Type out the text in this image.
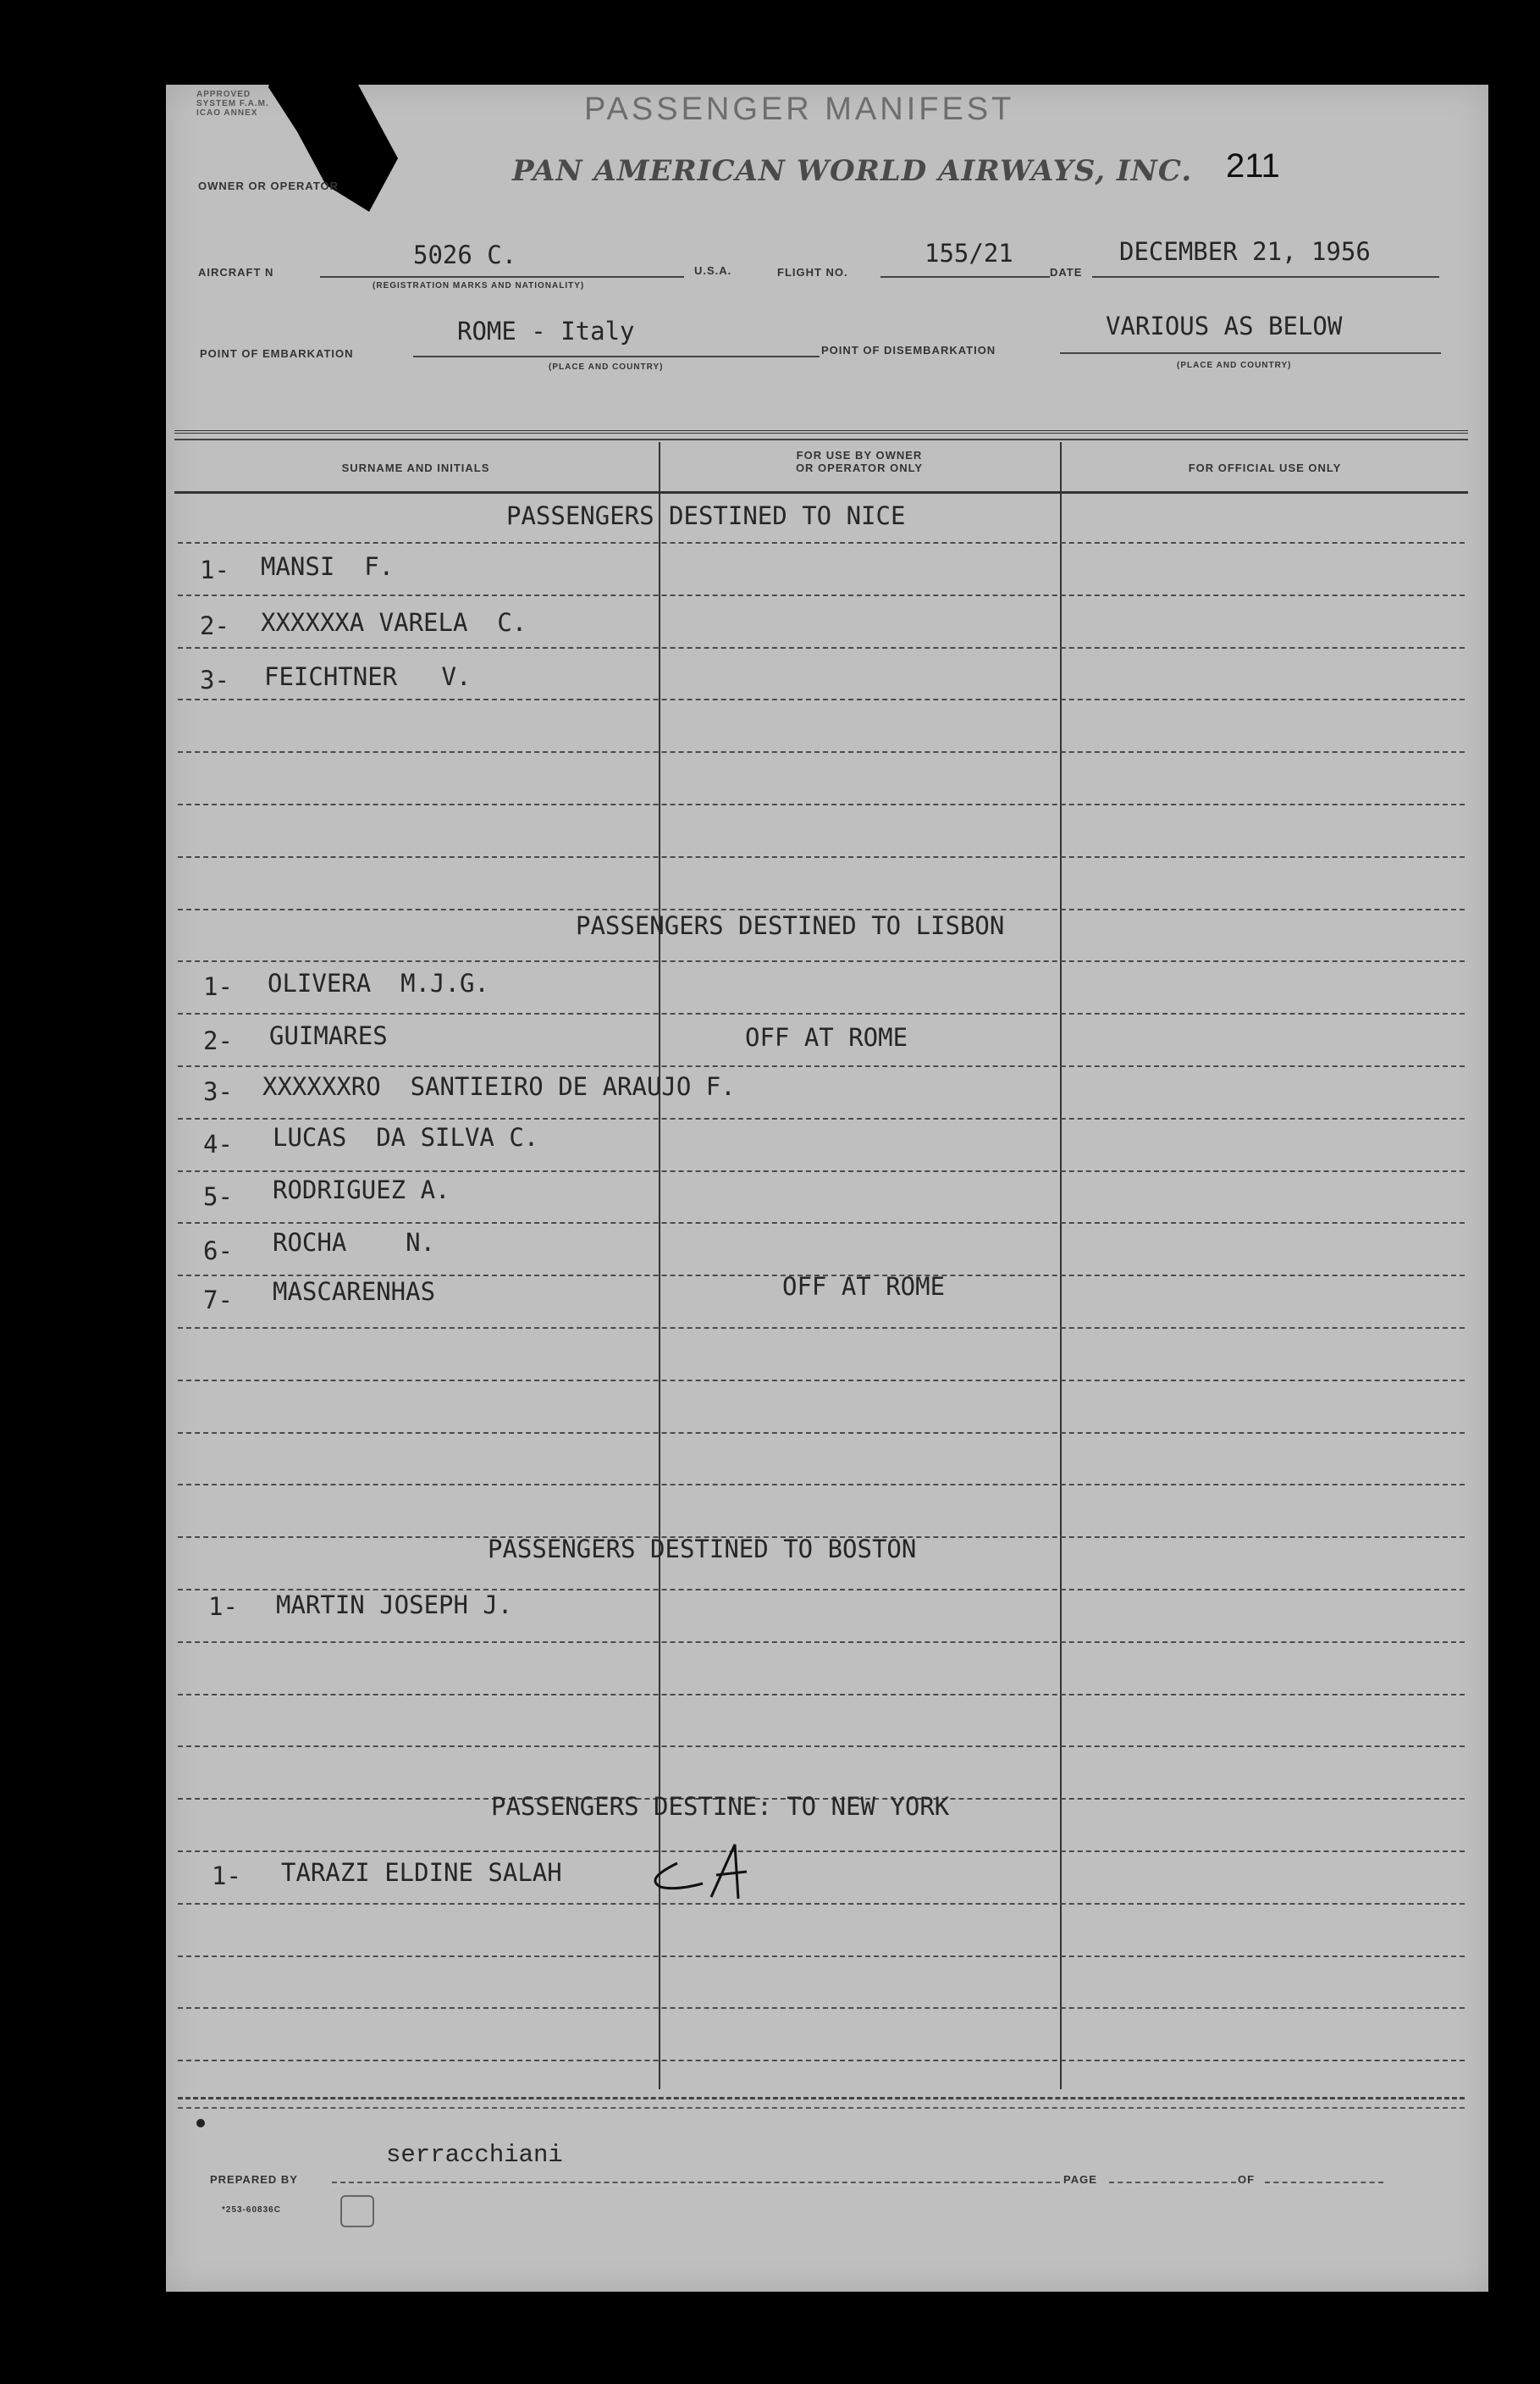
APPROVED
SYSTEM F.A.M.
ICAO ANNEX	PASSENGER MANIFEST
OWNER OR OPERATOR	PAN AMERICAN WORLD AIRWAYS, INC. 211
AIRCRAFT N
5026 C.
(REGISTRATION MARKS AND NATIONALITY)
U.S.A.	FLIGHT NO.
155/21
DATE
DECEMBER 21, 1956
POINT OF EMBARKATION
ROME - Italy
(PLACE AND COUNTRY)
POINT OF DISEMBARKATION
VARIOUS AS BELOW
(PLACE AND COUNTRY)
SURNAME AND INITIALS
FOR USE BY OWNER
OR OPERATOR ONLY	FOR OFFICIAL USE ONLY
PASSENGERS DESTINED TO NICE
1- MANSI  F.
2- XXXXXXA VARELA  C.
3- FEICHTNER   V.
PASSENGERS DESTINED TO LISBON
1- OLIVERA  M.J.G.
2- GUIMARES	OFF AT ROME
3- XXXXXXRO  SANTIEIRO DE ARAUJO F.
4- LUCAS  DA SILVA C.
5- RODRIGUEZ A.
6- ROCHA    N.
7- MASCARENHAS	OFF AT ROME
PASSENGERS DESTINED TO BOSTON
1- MARTIN JOSEPH J.
PASSENGERS DESTINE: TO NEW YORK
1- TARAZI ELDINE SALAH
serracchiani
PREPARED BY	PAGE	OF
*253-60836C
